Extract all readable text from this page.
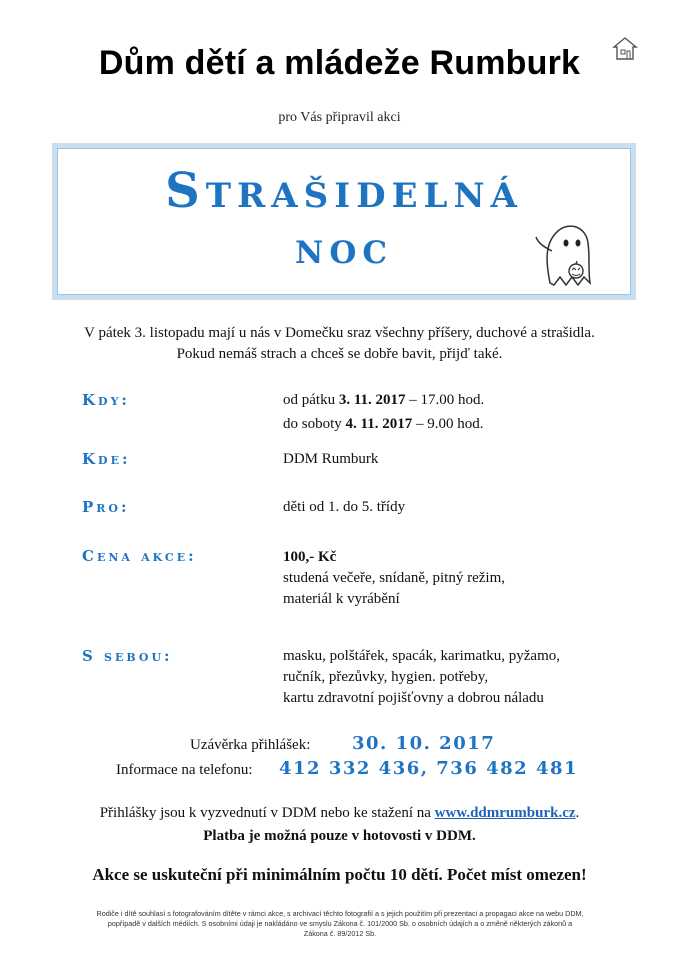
Dům dětí a mládeže Rumburk
pro Vás připravil akci
Strašidelná
noc
V pátek 3. listopadu mají u nás v Domečku sraz všechny příšery, duchové a strašidla.
Pokud nemáš strach a chceš se dobře bavit, přijď také.
Kdy:	od pátku 3. 11. 2017 – 17.00 hod.
do soboty 4. 11. 2017 – 9.00 hod.
Kde:	DDM Rumburk
Pro:	děti od 1. do 5. třídy
Cena akce:	100,- Kč
studená večeře, snídaně, pitný režim,
materiál k vyrábění
S sebou:	masku, polštářek, spacák, karimatku, pyžamo,
ručník, přezůvky, hygien. potřeby,
kartu zdravotní pojišťovny a dobrou náladu
Uzávěrka přihlášek: 30. 10. 2017
Informace na telefonu: 412 332 436, 736 482 481
Přihlášky jsou k vyzvednutí v DDM nebo ke stažení na www.ddmrumburk.cz.
Platba je možná pouze v hotovosti v DDM.
Akce se uskuteční při minimálním počtu 10 dětí. Počet míst omezen!
Rodiče i dítě souhlasí s fotografováním dítěte v rámci akce, s archivací těchto fotografií a s jejich použitím při prezentaci a propagaci akce na webu DDM,
popřípadě v dalších médiích. S osobními údaji je nakládáno ve smyslu Zákona č. 101/2000 Sb. o osobních údajích a o změně některých zákonů a
Zákona č. 89/2012 Sb.
